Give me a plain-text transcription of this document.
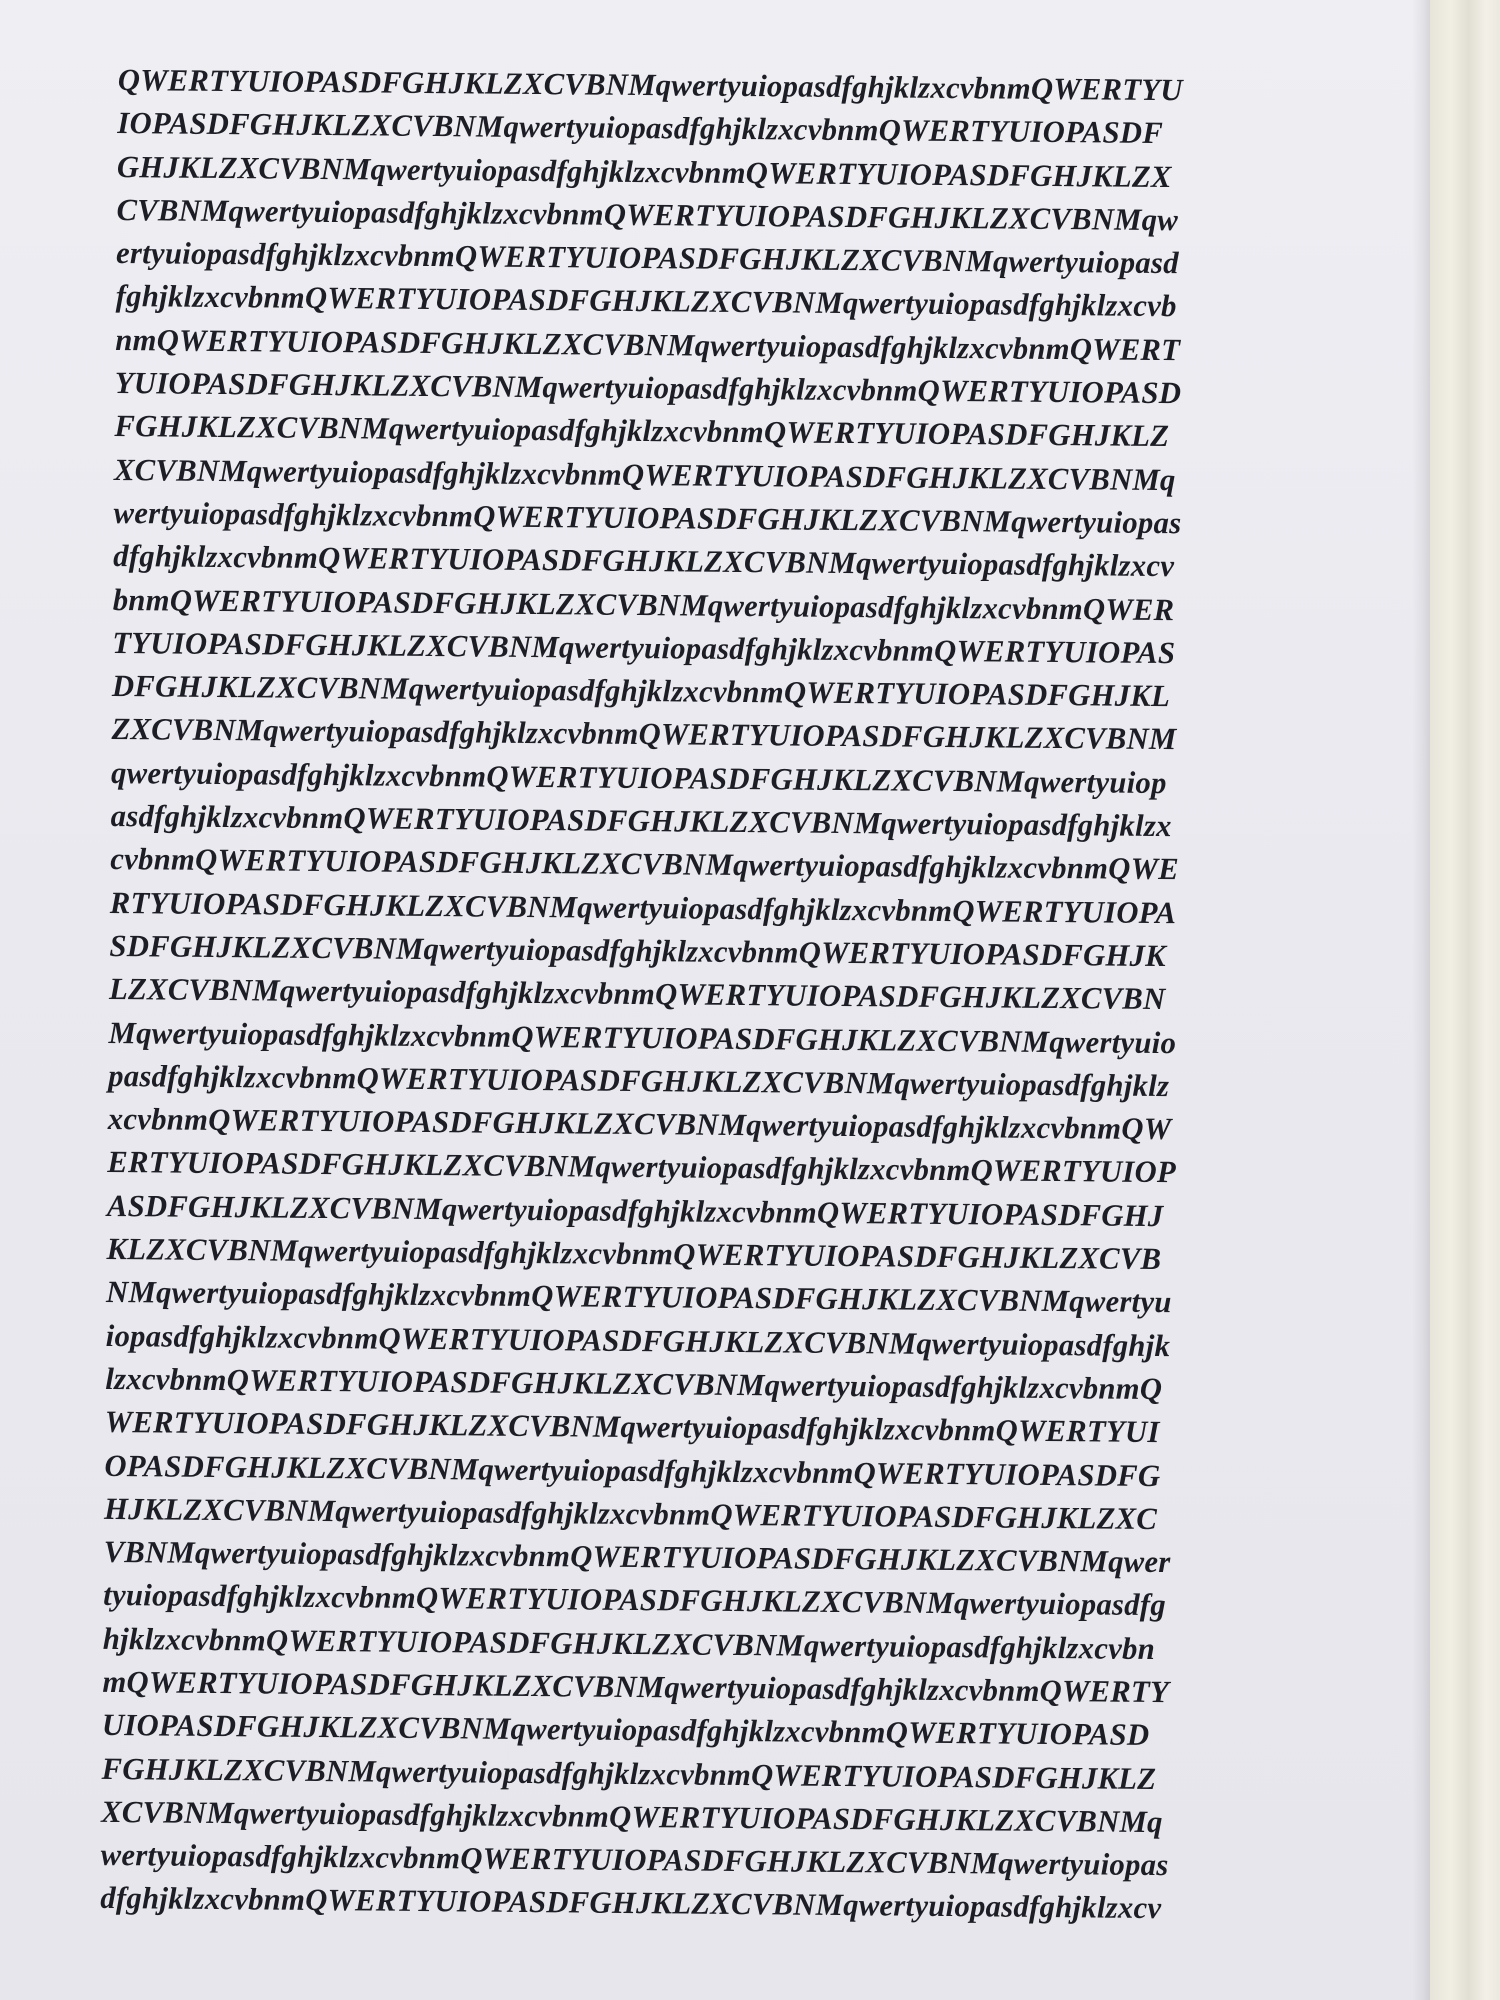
QWERTYUIOPASDFGHJKLZXCVBNMqwertyuiopasdfghjklzxcvbnmQWERTYU
IOPASDFGHJKLZXCVBNMqwertyuiopasdfghjklzxcvbnmQWERTYUIOPASDF
GHJKLZXCVBNMqwertyuiopasdfghjklzxcvbnmQWERTYUIOPASDFGHJKLZX
CVBNMqwertyuiopasdfghjklzxcvbnmQWERTYUIOPASDFGHJKLZXCVBNMqw
ertyuiopasdfghjklzxcvbnmQWERTYUIOPASDFGHJKLZXCVBNMqwertyuiopasd
fghjklzxcvbnmQWERTYUIOPASDFGHJKLZXCVBNMqwertyuiopasdfghjklzxcvb
nmQWERTYUIOPASDFGHJKLZXCVBNMqwertyuiopasdfghjklzxcvbnmQWERT
YUIOPASDFGHJKLZXCVBNMqwertyuiopasdfghjklzxcvbnmQWERTYUIOPASD
FGHJKLZXCVBNMqwertyuiopasdfghjklzxcvbnmQWERTYUIOPASDFGHJKLZ
XCVBNMqwertyuiopasdfghjklzxcvbnmQWERTYUIOPASDFGHJKLZXCVBNMq
wertyuiopasdfghjklzxcvbnmQWERTYUIOPASDFGHJKLZXCVBNMqwertyuiopas
dfghjklzxcvbnmQWERTYUIOPASDFGHJKLZXCVBNMqwertyuiopasdfghjklzxcv
bnmQWERTYUIOPASDFGHJKLZXCVBNMqwertyuiopasdfghjklzxcvbnmQWER
TYUIOPASDFGHJKLZXCVBNMqwertyuiopasdfghjklzxcvbnmQWERTYUIOPAS
DFGHJKLZXCVBNMqwertyuiopasdfghjklzxcvbnmQWERTYUIOPASDFGHJKL
ZXCVBNMqwertyuiopasdfghjklzxcvbnmQWERTYUIOPASDFGHJKLZXCVBNM
qwertyuiopasdfghjklzxcvbnmQWERTYUIOPASDFGHJKLZXCVBNMqwertyuiop
asdfghjklzxcvbnmQWERTYUIOPASDFGHJKLZXCVBNMqwertyuiopasdfghjklzx
cvbnmQWERTYUIOPASDFGHJKLZXCVBNMqwertyuiopasdfghjklzxcvbnmQWE
RTYUIOPASDFGHJKLZXCVBNMqwertyuiopasdfghjklzxcvbnmQWERTYUIOPA
SDFGHJKLZXCVBNMqwertyuiopasdfghjklzxcvbnmQWERTYUIOPASDFGHJK
LZXCVBNMqwertyuiopasdfghjklzxcvbnmQWERTYUIOPASDFGHJKLZXCVBN
MqwertyuiopasdfghjklzxcvbnmQWERTYUIOPASDFGHJKLZXCVBNMqwertyuio
pasdfghjklzxcvbnmQWERTYUIOPASDFGHJKLZXCVBNMqwertyuiopasdfghjklz
xcvbnmQWERTYUIOPASDFGHJKLZXCVBNMqwertyuiopasdfghjklzxcvbnmQW
ERTYUIOPASDFGHJKLZXCVBNMqwertyuiopasdfghjklzxcvbnmQWERTYUIOP
ASDFGHJKLZXCVBNMqwertyuiopasdfghjklzxcvbnmQWERTYUIOPASDFGHJ
KLZXCVBNMqwertyuiopasdfghjklzxcvbnmQWERTYUIOPASDFGHJKLZXCVB
NMqwertyuiopasdfghjklzxcvbnmQWERTYUIOPASDFGHJKLZXCVBNMqwertyu
iopasdfghjklzxcvbnmQWERTYUIOPASDFGHJKLZXCVBNMqwertyuiopasdfghjk
lzxcvbnmQWERTYUIOPASDFGHJKLZXCVBNMqwertyuiopasdfghjklzxcvbnmQ
WERTYUIOPASDFGHJKLZXCVBNMqwertyuiopasdfghjklzxcvbnmQWERTYUI
OPASDFGHJKLZXCVBNMqwertyuiopasdfghjklzxcvbnmQWERTYUIOPASDFG
HJKLZXCVBNMqwertyuiopasdfghjklzxcvbnmQWERTYUIOPASDFGHJKLZXC
VBNMqwertyuiopasdfghjklzxcvbnmQWERTYUIOPASDFGHJKLZXCVBNMqwer
tyuiopasdfghjklzxcvbnmQWERTYUIOPASDFGHJKLZXCVBNMqwertyuiopasdfg
hjklzxcvbnmQWERTYUIOPASDFGHJKLZXCVBNMqwertyuiopasdfghjklzxcvbn
mQWERTYUIOPASDFGHJKLZXCVBNMqwertyuiopasdfghjklzxcvbnmQWERTY
UIOPASDFGHJKLZXCVBNMqwertyuiopasdfghjklzxcvbnmQWERTYUIOPASD
FGHJKLZXCVBNMqwertyuiopasdfghjklzxcvbnmQWERTYUIOPASDFGHJKLZ
XCVBNMqwertyuiopasdfghjklzxcvbnmQWERTYUIOPASDFGHJKLZXCVBNMq
wertyuiopasdfghjklzxcvbnmQWERTYUIOPASDFGHJKLZXCVBNMqwertyuiopas
dfghjklzxcvbnmQWERTYUIOPASDFGHJKLZXCVBNMqwertyuiopasdfghjklzxcv
